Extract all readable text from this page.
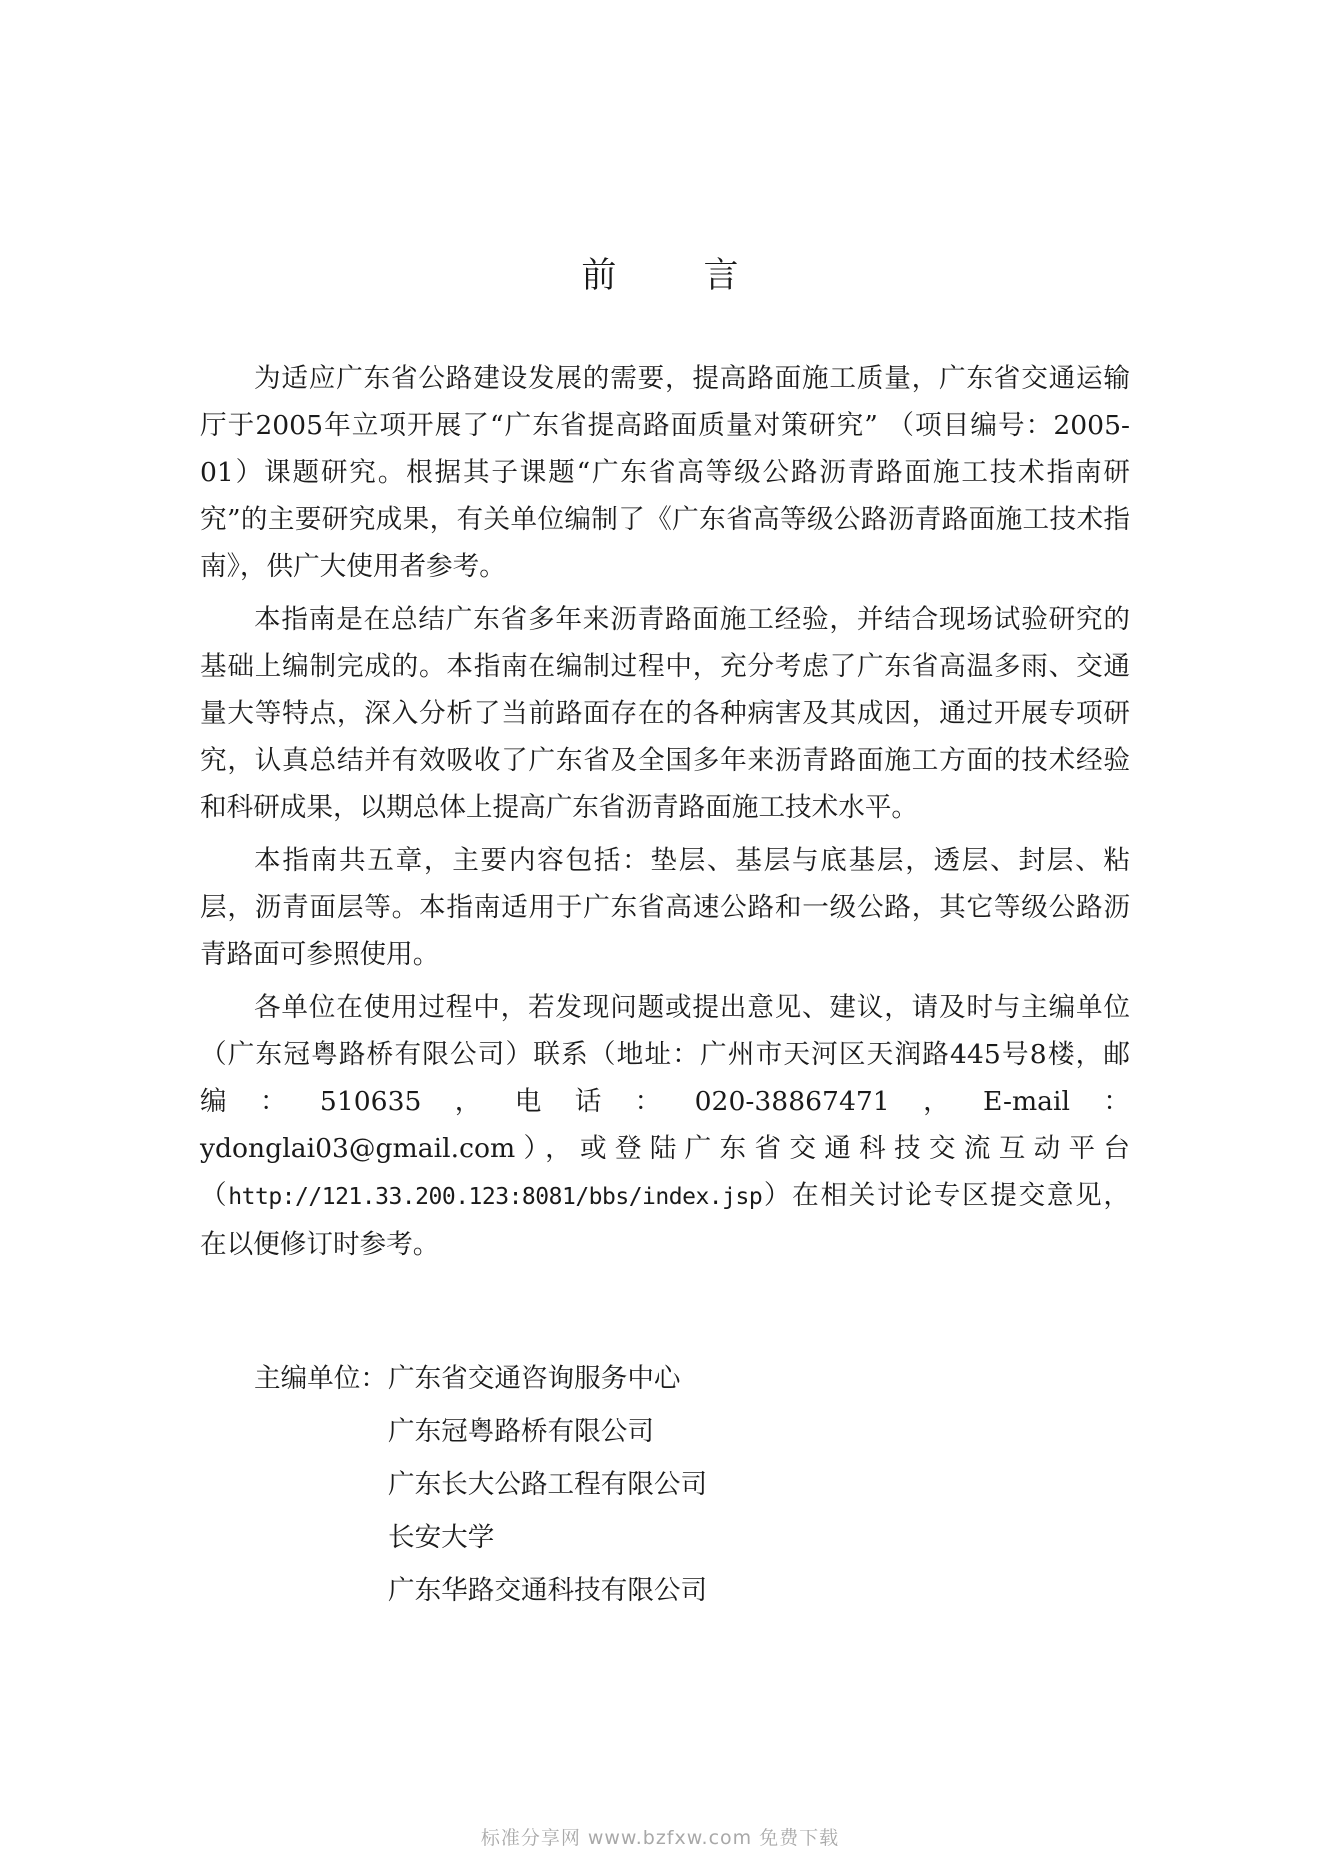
前 言

为适应广东省公路建设发展的需要，提高路面施工质量，广东省交通运输厅于2005年立项开展了“广东省提高路面质量对策研究” （项目编号：2005-01）课题研究。根据其子课题“广东省高等级公路沥青路面施工技术指南研究”的主要研究成果，有关单位编制了《广东省高等级公路沥青路面施工技术指南》，供广大使用者参考。

本指南是在总结广东省多年来沥青路面施工经验，并结合现场试验研究的基础上编制完成的。本指南在编制过程中，充分考虑了广东省高温多雨、交通量大等特点，深入分析了当前路面存在的各种病害及其成因，通过开展专项研究，认真总结并有效吸收了广东省及全国多年来沥青路面施工方面的技术经验和科研成果，以期总体上提高广东省沥青路面施工技术水平。

本指南共五章，主要内容包括：垫层、基层与底基层，透层、封层、粘层，沥青面层等。本指南适用于广东省高速公路和一级公路，其它等级公路沥青路面可参照使用。

各单位在使用过程中，若发现问题或提出意见、建议，请及时与主编单位（广东冠粤路桥有限公司）联系（地址：广州市天河区天润路445号8楼，邮编：510635，电话：020-38867471，E-mail：ydonglai03@gmail.com），或登陆广东省交通科技交流互动平台（http://121.33.200.123:8081/bbs/index.jsp）在相关讨论专区提交意见，在以便修订时参考。

主编单位： 广东省交通咨询服务中心
广东冠粤路桥有限公司
广东长大公路工程有限公司
长安大学
广东华路交通科技有限公司
标准分享网 www.bzfxw.com 免费下载
